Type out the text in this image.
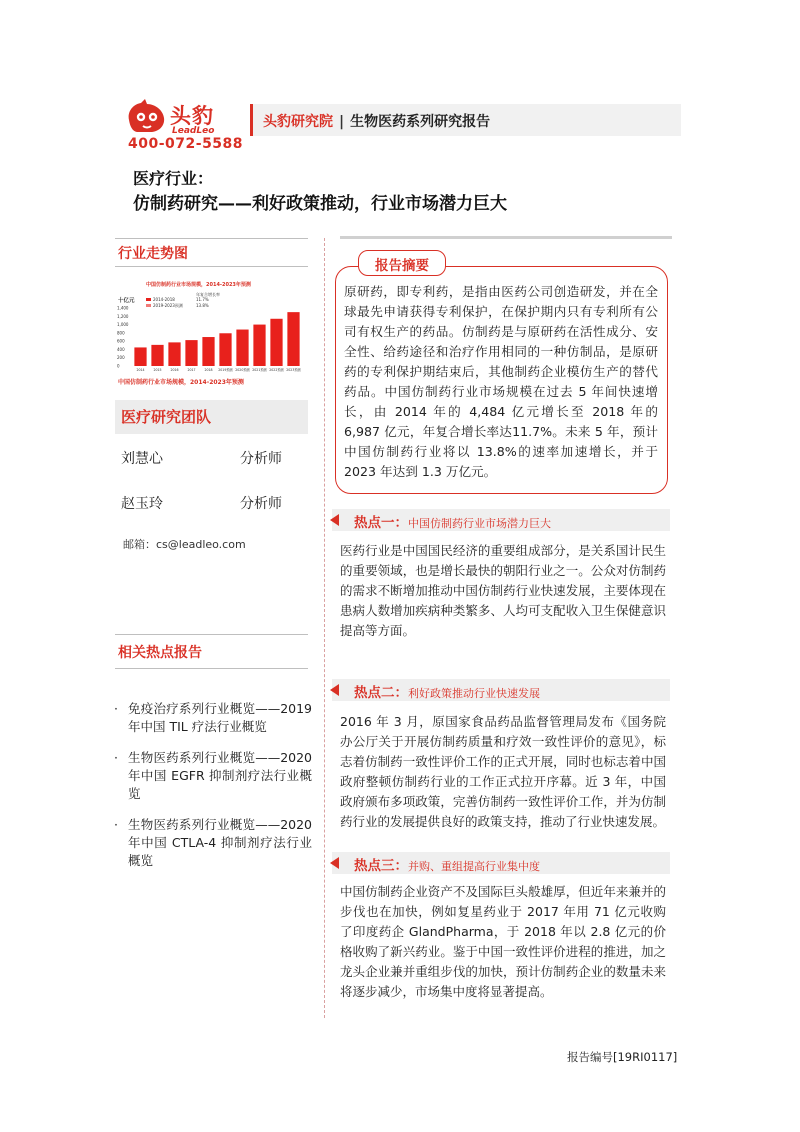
头豹
LeadLeo
400-072-5588
头豹研究院 | 生物医药系列研究报告
医疗行业：
仿制药研究——利好政策推动，行业市场潜力巨大
行业走势图
中国仿制药行业市场规模，2014-2023年预测
十亿元
年复合增长率
2014-2018	11.7%
2019-2023预测	13.8%
1,400
1,200
1,000
800
600
400
200
0
2014	2015	2016	2017	2018 2019预测 2020预测 2021预测 2022预测 2023预测
中国仿制药行业市场规模，2014-2023年预测
医疗研究团队
刘慧心	分析师
赵玉玲	分析师
邮箱：cs@leadleo.com
相关热点报告
· 免疫治疗系列行业概览——2019 年中国 TIL 疗法行业概览
· 生物医药系列行业概览——2020 年中国 EGFR 抑制剂疗法行业概览
· 生物医药系列行业概览——2020 年中国 CTLA-4 抑制剂疗法行业概览
报告摘要
原研药，即专利药，是指由医药公司创造研发，并在全球最先申请获得专利保护，在保护期内只有专利所有公司有权生产的药品。仿制药是与原研药在活性成分、安全性、给药途径和治疗作用相同的一种仿制品，是原研药的专利保护期结束后，其他制药企业模仿生产的替代药品。中国仿制药行业市场规模在过去 5 年间快速增长，由 2014 年的 4,484 亿元增长至 2018 年的 6,987 亿元，年复合增长率达11.7%。未来 5 年，预计中国仿制药行业将以 13.8%的速率加速增长，并于 2023 年达到 1.3 万亿元。
热点一：中国仿制药行业市场潜力巨大
医药行业是中国国民经济的重要组成部分，是关系国计民生的重要领域，也是增长最快的朝阳行业之一。公众对仿制药的需求不断增加推动中国仿制药行业快速发展，主要体现在患病人数增加疾病种类繁多、人均可支配收入卫生保健意识提高等方面。
热点二：利好政策推动行业快速发展
2016 年 3 月，原国家食品药品监督管理局发布《国务院办公厅关于开展仿制药质量和疗效一致性评价的意见》，标志着仿制药一致性评价工作的正式开展，同时也标志着中国政府整顿仿制药行业的工作正式拉开序幕。近 3 年，中国政府颁布多项政策，完善仿制药一致性评价工作，并为仿制药行业的发展提供良好的政策支持，推动了行业快速发展。
热点三：并购、重组提高行业集中度
中国仿制药企业资产不及国际巨头般雄厚，但近年来兼并的步伐也在加快，例如复星药业于 2017 年用 71 亿元收购了印度药企 GlandPharma，于 2018 年以 2.8 亿元的价格收购了新兴药业。鉴于中国一致性评价进程的推进，加之龙头企业兼并重组步伐的加快，预计仿制药企业的数量未来将逐步减少，市场集中度将显著提高。
报告编号[19RI0117]
